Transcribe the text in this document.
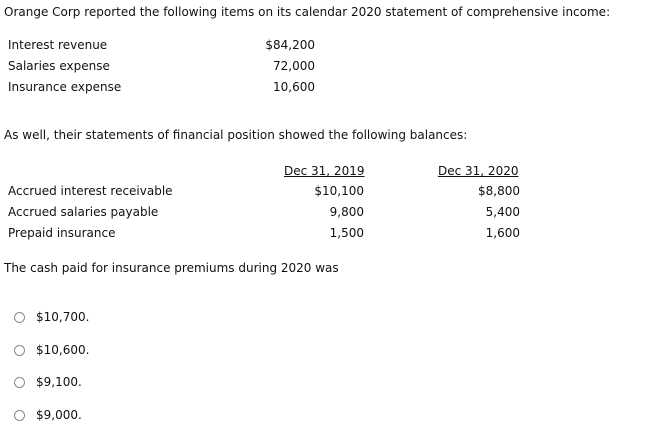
Orange Corp reported the following items on its calendar 2020 statement of comprehensive income:
Interest revenue	$84,200
Salaries expense	72,000
Insurance expense	10,600
As well, their statements of financial position showed the following balances:
Dec 31, 2019	Dec 31, 2020
Accrued interest receivable	$10,100	$8,800
Accrued salaries payable	9,800	5,400
Prepaid insurance	1,500	1,600
The cash paid for insurance premiums during 2020 was
$10,700.
$10,600.
$9,100.
$9,000.
